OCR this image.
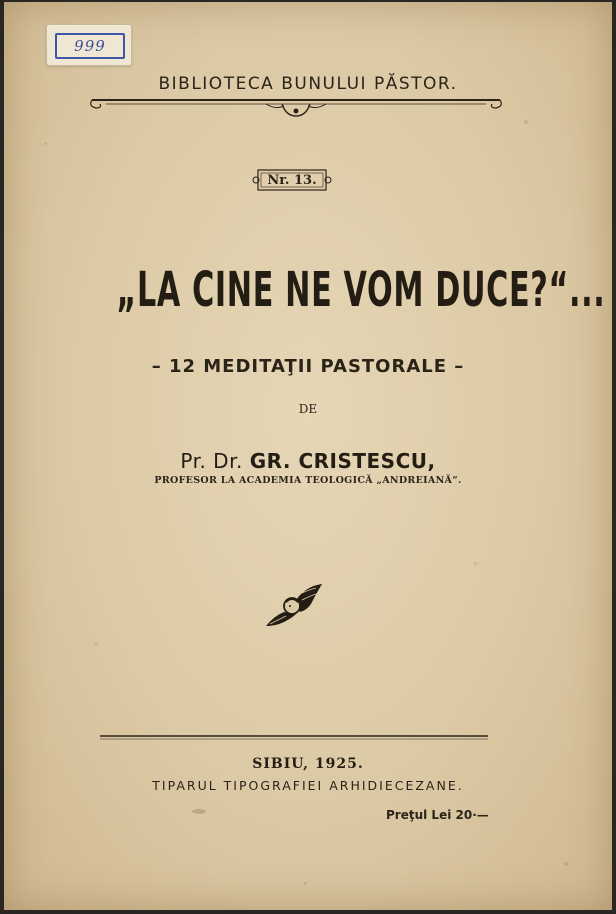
999
BIBLIOTECA BUNULUI PĂSTOR.
Nr. 13.
„LA CINE NE VOM DUCE?“...
– 12 MEDITAŢII PASTORALE –
DE
Pr. Dr. GR. CRISTESCU,
PROFESOR LA ACADEMIA TEOLOGICĂ „ANDREIANĂ“.
SIBIU, 1925.
TIPARUL TIPOGRAFIEI ARHIDIECEZANE.
Preţul Lei 20·—
